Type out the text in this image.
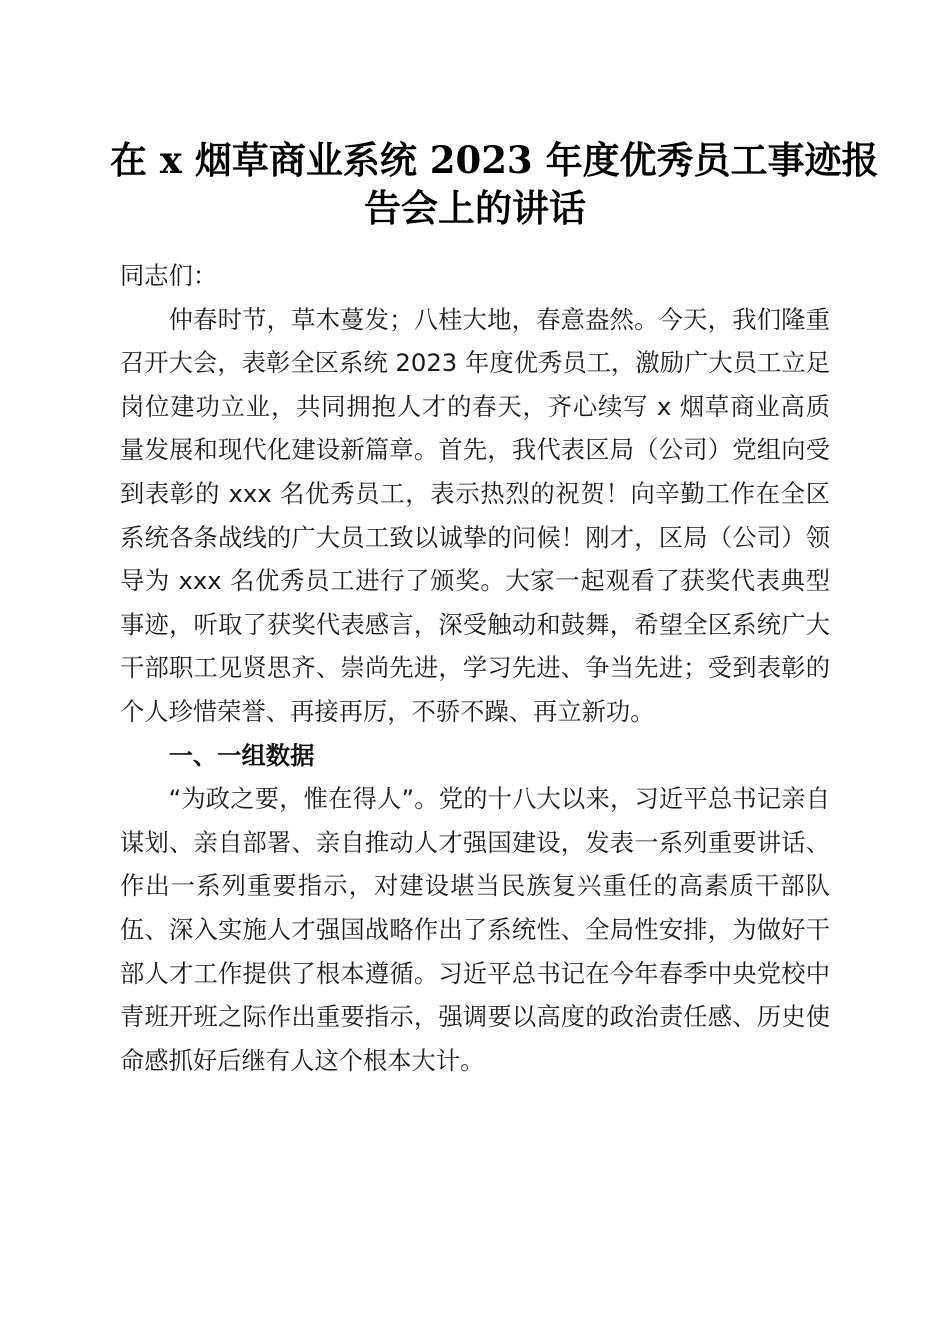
在 x 烟草商业系统 2023 年度优秀员工事迹报
告会上的讲话

同志们：

仲春时节，草木蔓发；八桂大地，春意盎然。今天，我们隆重召开大会，表彰全区系统 2023 年度优秀员工，激励广大员工立足岗位建功立业，共同拥抱人才的春天，齐心续写 x 烟草商业高质量发展和现代化建设新篇章。首先，我代表区局（公司）党组向受到表彰的 xxx 名优秀员工，表示热烈的祝贺！向辛勤工作在全区系统各条战线的广大员工致以诚挚的问候！刚才，区局（公司）领导为 xxx 名优秀员工进行了颁奖。大家一起观看了获奖代表典型事迹，听取了获奖代表感言，深受触动和鼓舞，希望全区系统广大干部职工见贤思齐、崇尚先进，学习先进、争当先进；受到表彰的个人珍惜荣誉、再接再厉，不骄不躁、再立新功。

一、一组数据

“为政之要，惟在得人”。党的十八大以来，习近平总书记亲自谋划、亲自部署、亲自推动人才强国建设，发表一系列重要讲话、作出一系列重要指示，对建设堪当民族复兴重任的高素质干部队伍、深入实施人才强国战略作出了系统性、全局性安排，为做好干部人才工作提供了根本遵循。习近平总书记在今年春季中央党校中青班开班之际作出重要指示，强调要以高度的政治责任感、历史使命感抓好后继有人这个根本大计。
